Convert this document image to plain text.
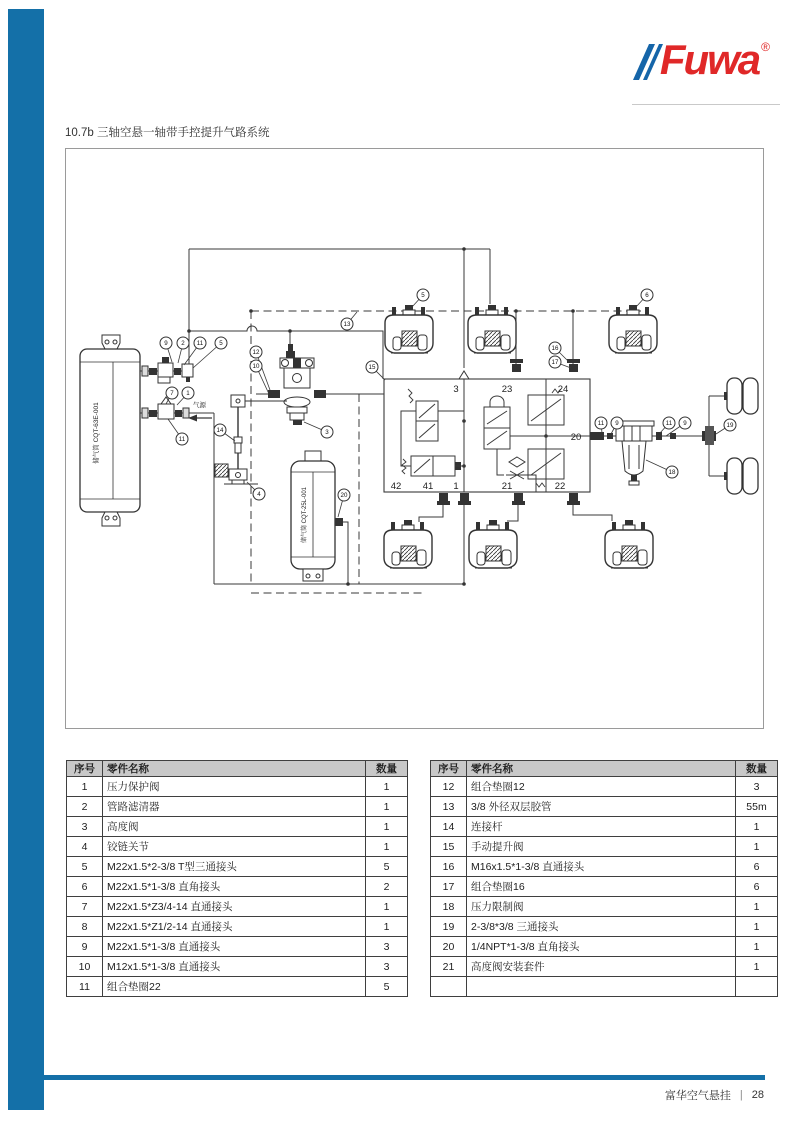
Fuwa ®
10.7b 三轴空悬一轴带手控提升气路系统
储气筒 CQT-63E-001
储气筒 CQT-25L-001
气源
3	23	24
42 41 1	21	22
20
9 2 11	5
7 1
11
13
12
10
3
14
4
15
16
17
5	6
11 9	11 9
18
19
20
序号	零件名称	数量
1	压力保护阀	1
2	管路滤清器	1
3	高度阀	1
4	铰链关节	1
5	M22x1.5*2-3/8 T型三通接头	5
6	M22x1.5*1-3/8 直角接头	2
7	M22x1.5*Z3/4-14 直通接头	1
8	M22x1.5*Z1/2-14 直通接头	1
9	M22x1.5*1-3/8 直通接头	3
10	M12x1.5*1-3/8 直通接头	3
11	组合垫圈22	5
序号	零件名称	数量
12	组合垫圈12	3
13	3/8 外径双层胶管	55m
14	连接杆	1
15	手动提升阀	1
16	M16x1.5*1-3/8 直通接头	6
17	组合垫圈16	6
18	压力限制阀	1
19	2-3/8*3/8 三通接头	1
20	1/4NPT*1-3/8 直角接头	1
21	高度阀安装套件	1

富华空气悬挂 | 28
